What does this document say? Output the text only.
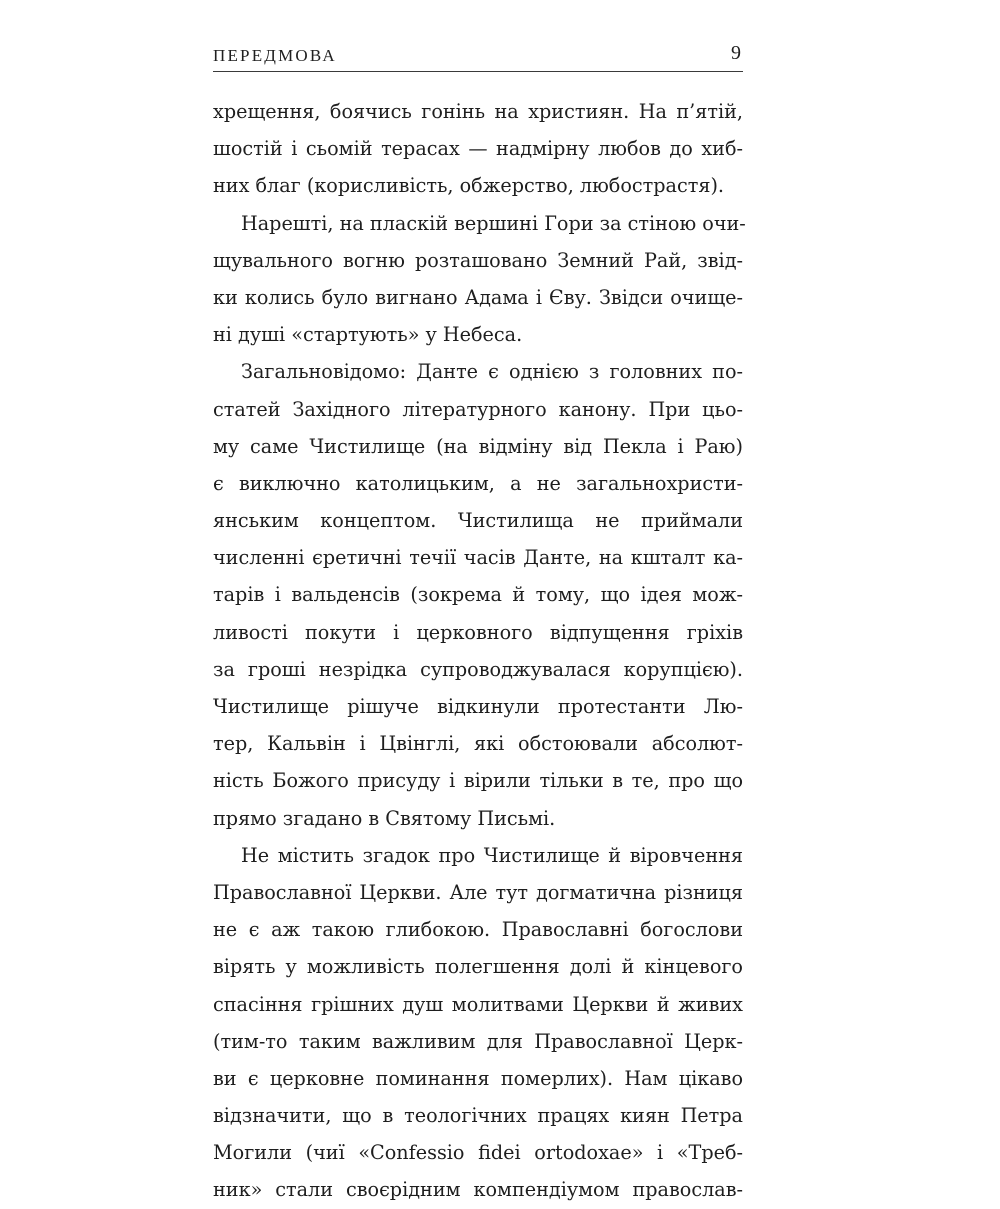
ПЕРЕДМОВА	9
хрещення, боячись гонінь на християн. На п’ятій,
шостій і сьомій терасах — надмірну любов до хиб-
них благ (корисливість, обжерство, любострастя).
Нарешті, на пласкій вершині Гори за стіною очи-
щувального вогню розташовано Земний Рай, звід-
ки колись було вигнано Адама і Єву. Звідси очище-
ні душі «стартують» у Небеса.
Загальновідомо: Данте є однією з головних по-
статей Західного літературного канону. При цьо-
му саме Чистилище (на відміну від Пекла і Раю)
є виключно католицьким, а не загальнохристи-
янським концептом. Чистилища не приймали
численні єретичні течії часів Данте, на кшталт ка-
тарів і вальденсів (зокрема й тому, що ідея мож-
ливості покути і церковного відпущення гріхів
за гроші незрідка супроводжувалася корупцією).
Чистилище рішуче відкинули протестанти Лю-
тер, Кальвін і Цвінглі, які обстоювали абсолют-
ність Божого присуду і вірили тільки в те, про що
прямо згадано в Святому Письмі.
Не містить згадок про Чистилище й віровчення
Православної Церкви. Але тут догматична різниця
не є аж такою глибокою. Православні богослови
вірять у можливість полегшення долі й кінцевого
спасіння грішних душ молитвами Церкви й живих
(тим-то таким важливим для Православної Церк-
ви є церковне поминання померлих). Нам цікаво
відзначити, що в теологічних працях киян Петра
Могили (чиї «Confessio fidei ortodoxae» і «Треб-
ник» стали своєрідним компендіумом православ-
